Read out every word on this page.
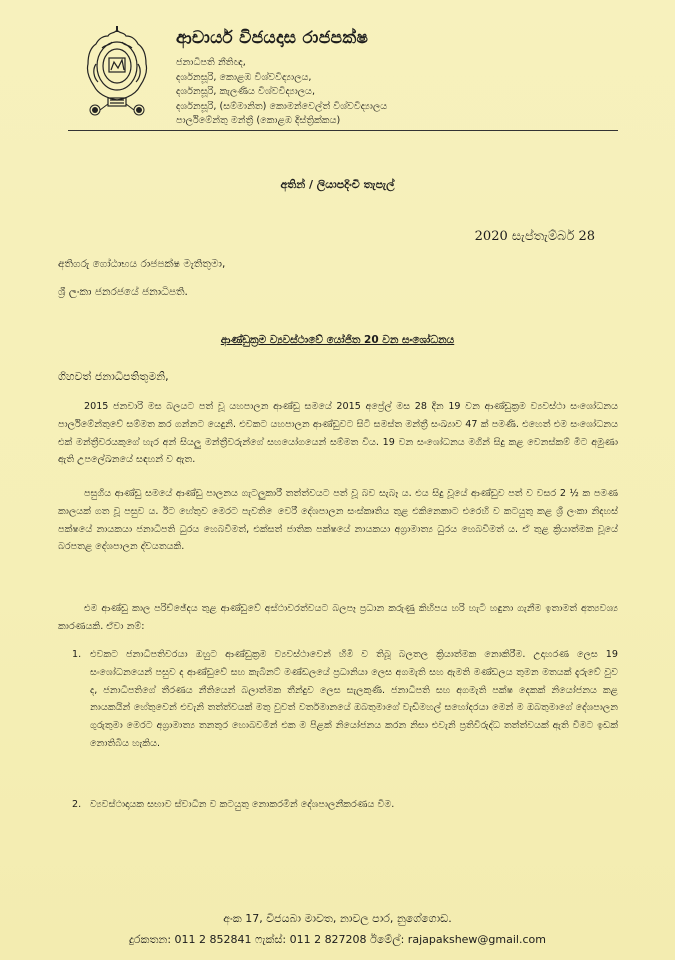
ආචාර්ය විජයදාස රාජපක්ෂ
ජනාධිපති නීතිඥ,
දර්ශනසූරි, කොළඹ විශ්වවිද්‍යාලය,
දර්ශනසූරි, කැලණිය විශ්වවිද්‍යාලය,
දර්ශනසූරි, (සම්මානිත) කොමන්වෙල්ත් විශ්වවිද්‍යාලය
පාර්ලිමේන්තු මන්ත්‍රී (කොළඹ දිස්ත්‍රික්කය)
අතින් / ලියාපදිංචි තැපැල්
2020 සැප්තැම්බර් 28
අතිගරු ගෝඨාභය රාජපක්ෂ මැතිතුමා,
ශ්‍රී ලංකා ජනරජයේ ජනාධිපති.
ආණ්ඩුක්‍රම ව්‍යවස්ථාවේ යෝජිත 20 වන සංශෝධනය
ගිහවත් ජනාධිපතිතුමනි,
2015 ජනවාරි මස බලයට පත් වූ යහපාලන ආණ්ඩු සමයේ 2015 අප්‍රේල් මස 28 දින 19 වන ආණ්ඩුක්‍රම ව්‍යවස්ථා සංශෝධනය පාර්ලිමේන්තුවේ සම්මත කර ගන්නට යෙදුනි. එවකට යහපාලන ආණ්ඩුවට සිටි සමස්ත මන්ත්‍රී සංඛ්‍යාව 47 ක් පමණි. එහෙත් එම සංශෝධනය එක් මන්ත්‍රීවරයකුගේ හැර අන් සියලු මන්ත්‍රීවරුන්ගේ සහයෝගයෙන් සම්මත විය. 19 වන සංශෝධනය මගින් සිදු කළ වෙනස්කම් මීට අමුණා ඇති උපලේඛනයේ සඳහන් ව ඇත.
පසුගිය ආණ්ඩු සමයේ ආණ්ඩු පාලනය ගැටලුකාරී තත්ත්වයට පත් වූ බව සැබෑ ය. එය සිදු වූයේ ආණ්ඩුව පත් ව වසර 2 ½ ක පමණ කාලයක් ගත වූ පසුව ය. ඊට හේතුව මෙරට පැවති ෙවෙරී දේශපාලන සංස්කෘතිය තුළ එකිනෙකාට එරෙහි ව කටයුතු කළ ශ්‍රී ලංකා නිදහස් පක්ෂයේ නායකයා ජනාධිපති ධුරය හෙබවීමත්, එක්සත් ජාතික පක්ෂයේ නායකයා අග්‍රාමාත්‍ය ධුරය හෙබවීමත් ය. ඒ තුළ ක්‍රියාත්මක වූයේ බරපතළ දේශපාලන ද්වයතයකි.
එම ආණ්ඩු කාල පරිච්ඡේදය තුළ ආණ්ඩුවේ අස්ථාවරත්වයට බලපෑ ප්‍රධාන කරුණු කිහිපය හරි හැටි හඳුනා ගැනීම ඉතාමත් අත්‍යවශ්‍ය කාරණයකි. ඒවා නම්:
1. එවකට ජනාධිපතිවරයා ඔහුට ආණ්ඩුක්‍රම ව්‍යවස්ථාවෙන් හිමි ව තිබූ බලතල ක්‍රියාත්මක නොකිරීම. උදාහරණ ලෙස 19 සංශෝධනයෙන් පසුව ද ආණ්ඩුවේ සහ කැබිනට් මණ්ඩලයේ ප්‍රධානියා ලෙස අගමැති සහ ඇමති මණ්ඩලය තුමන මතයක් දැරුවේ වුව ද, ජනාධිපතිගේ තීරණය නීතියෙන් බලාත්මක තීන්දුව ලෙස සැලකුණි. ජනාධිපති සහ අගමැති පක්ෂ දෙකක් නියෝජනය කළ නායකයින් හේතුවෙන් එවැනි තත්ත්වයක් මතු වුවත් වර්තමානයේ ඔබතුමාගේ වැඩිමහල් සහෝදරයා මෙන් ම ඔබතුමාගේ දේශපාලන ගුරුතුමා මෙරට අග්‍රාමාත්‍ය තනතුර හොබවමින් එක ම පිළක් නියෝජනය කරන නිසා එවැනි ප්‍රතිවිරුද්ධ තත්ත්වයක් ඇති වීමට ඉඩක් නොතිබිය හැකිය.
2. ව්‍යවස්ථාදායක සභාව ස්වාධීන ව කටයුතු නොකරමින් දේශපාලනීකරණය වීම.
අංක 17, විජයබා මාවත, නාවල පාර, නුගේගොඩ.
දුරකතන: 011 2 852841 ෆැක්ස්: 011 2 827208 ඊමේල්: rajapakshew@gmail.com
